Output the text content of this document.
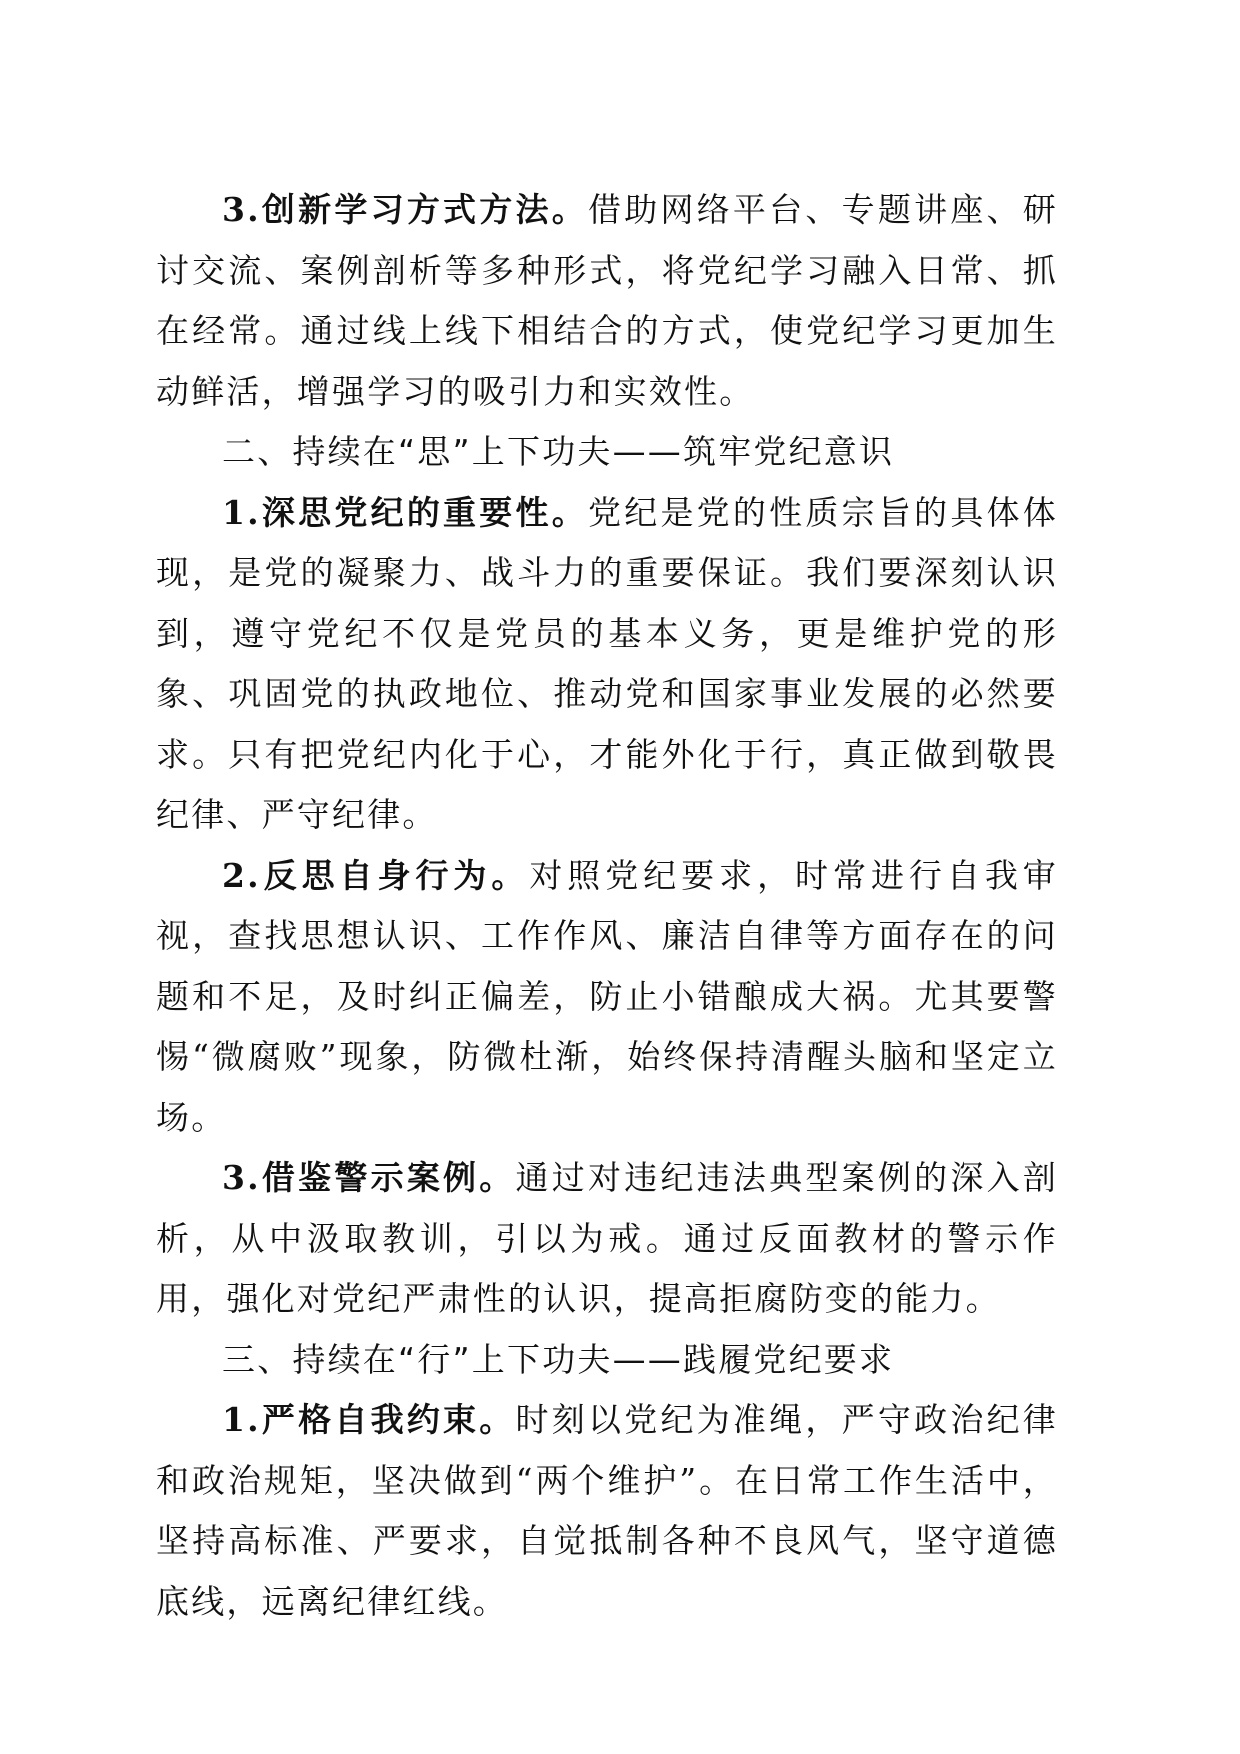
3.创新学习方式方法。借助网络平台、专题讲座、研讨交流、案例剖析等多种形式，将党纪学习融入日常、抓在经常。通过线上线下相结合的方式，使党纪学习更加生动鲜活，增强学习的吸引力和实效性。

二、持续在“思”上下功夫——筑牢党纪意识

1.深思党纪的重要性。党纪是党的性质宗旨的具体体现，是党的凝聚力、战斗力的重要保证。我们要深刻认识到，遵守党纪不仅是党员的基本义务，更是维护党的形象、巩固党的执政地位、推动党和国家事业发展的必然要求。只有把党纪内化于心，才能外化于行，真正做到敬畏纪律、严守纪律。

2.反思自身行为。对照党纪要求，时常进行自我审视，查找思想认识、工作作风、廉洁自律等方面存在的问题和不足，及时纠正偏差，防止小错酿成大祸。尤其要警惕“微腐败”现象，防微杜渐，始终保持清醒头脑和坚定立场。

3.借鉴警示案例。通过对违纪违法典型案例的深入剖析，从中汲取教训，引以为戒。通过反面教材的警示作用，强化对党纪严肃性的认识，提高拒腐防变的能力。

三、持续在“行”上下功夫——践履党纪要求

1.严格自我约束。时刻以党纪为准绳，严守政治纪律和政治规矩，坚决做到“两个维护”。在日常工作生活中，坚持高标准、严要求，自觉抵制各种不良风气，坚守道德底线，远离纪律红线。
